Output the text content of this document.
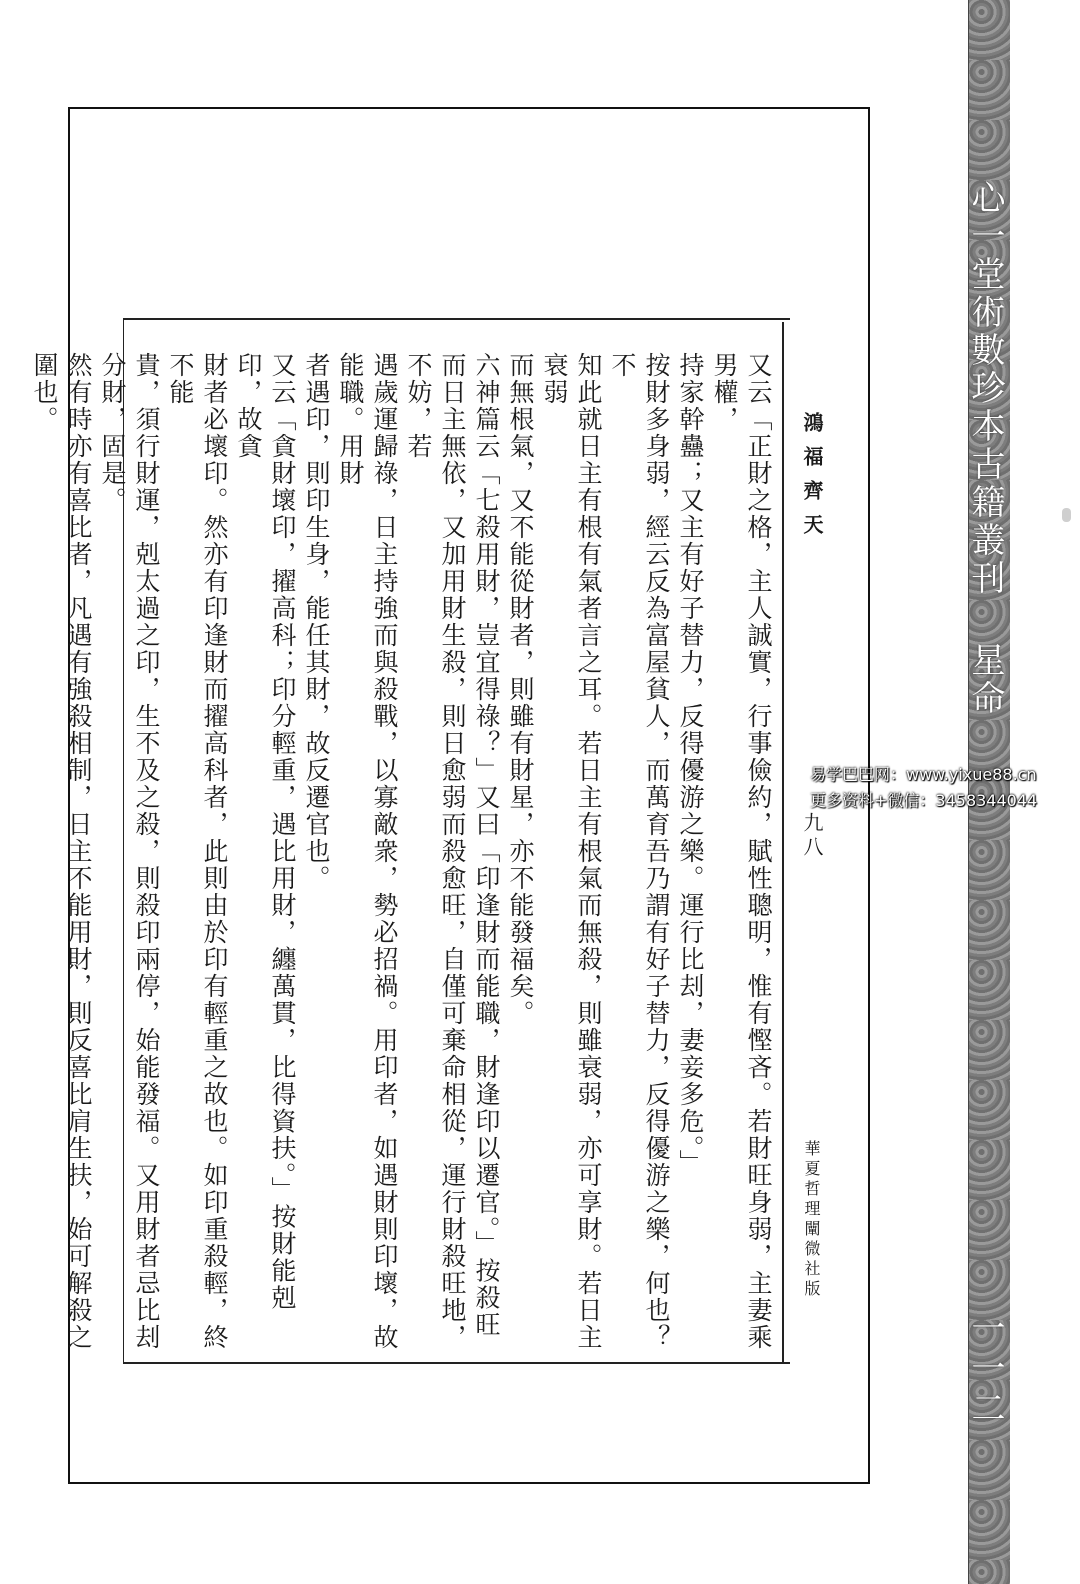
心一堂術數珍本古籍叢刊 星命
一一二
鴻福齊天
九八
華夏哲理闡微社版
又云「正財之格，主人誠實，行事儉約，賦性聰明，惟有慳吝。若財旺身弱，主妻乘男權，
持家幹蠱；又主有好子替力，反得優游之樂。運行比刦，妻妾多危。」
按財多身弱，經云反為富屋貧人，而萬育吾乃謂有好子替力，反得優游之樂，何也？不
知此就日主有根有氣者言之耳。若日主有根氣而無殺，則雖衰弱，亦可享財。若日主衰弱
而無根氣，又不能從財者，則雖有財星，亦不能發福矣。
六神篇云「七殺用財，豈宜得祿？」又曰「印逢財而能職，財逢印以遷官。」按殺旺
而日主無依，又加用財生殺，則日愈弱而殺愈旺，自僅可棄命相從，運行財殺旺地，不妨，若
遇歲運歸祿，日主持強而與殺戰，以寡敵衆，勢必招禍。用印者，如遇財則印壞，故能職。用財
者遇印，則印生身，能任其財，故反遷官也。
又云「貪財壞印，擢高科；印分輕重，遇比用財，纏萬貫，比得資扶。」按財能剋印，故貪
財者必壞印。然亦有印逢財而擢高科者，此則由於印有輕重之故也。如印重殺輕，終不能
貴，須行財運，剋太過之印，生不及之殺，則殺印兩停，始能發福。又用財者忌比刦分財，固是。
然有時亦有喜比者，凡遇有強殺相制，日主不能用財，則反喜比肩生扶，始可解殺之圍也。
易学巴巴网：www.yixue88.cn
更多资料+微信：3458344044
